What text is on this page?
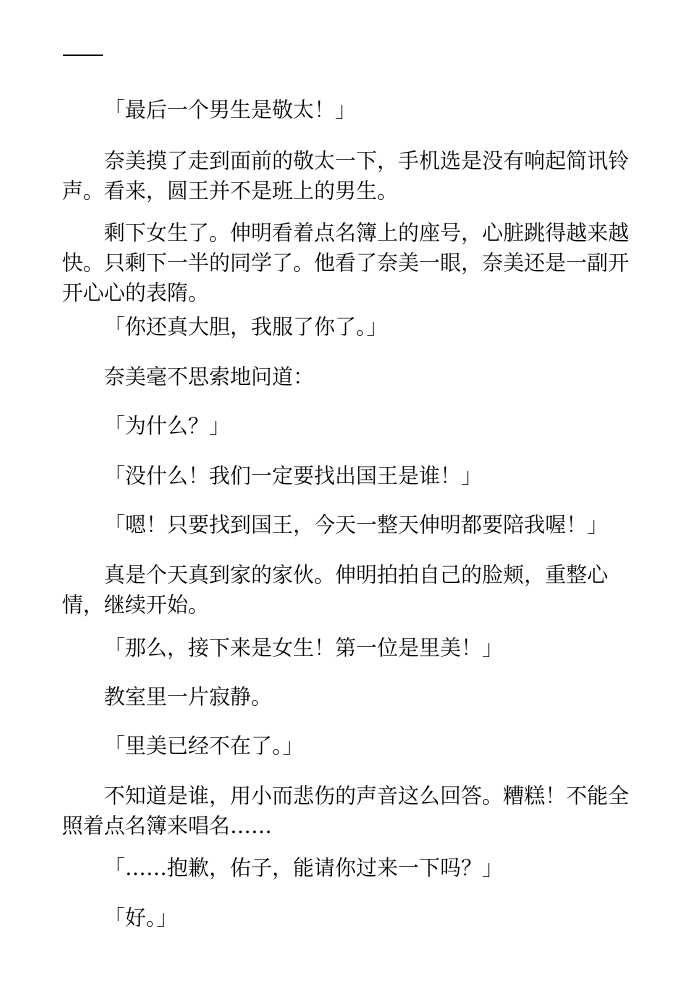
——

「最后一个男生是敬太！」

奈美摸了走到面前的敬太一下，手机选是没有响起简讯铃声。看来，圆王并不是班上的男生。

剩下女生了。伸明看着点名簿上的座号，心脏跳得越来越快。只剩下一半的同学了。他看了奈美一眼，奈美还是一副开开心心的表隋。

「你还真大胆，我服了你了。」

奈美毫不思索地问道：

「为什么？」

「没什么！我们一定要找出国王是谁！」

「嗯！只要找到国王，今天一整天伸明都要陪我喔！」

真是个天真到家的家伙。伸明拍拍自己的脸颊，重整心情，继续开始。

「那么，接下来是女生！第一位是里美！」

教室里一片寂静。

「里美已经不在了。」

不知道是谁，用小而悲伤的声音这么回答。糟糕！不能全照着点名簿来唱名……

「……抱歉，佑子，能请你过来一下吗？」

「好。」
